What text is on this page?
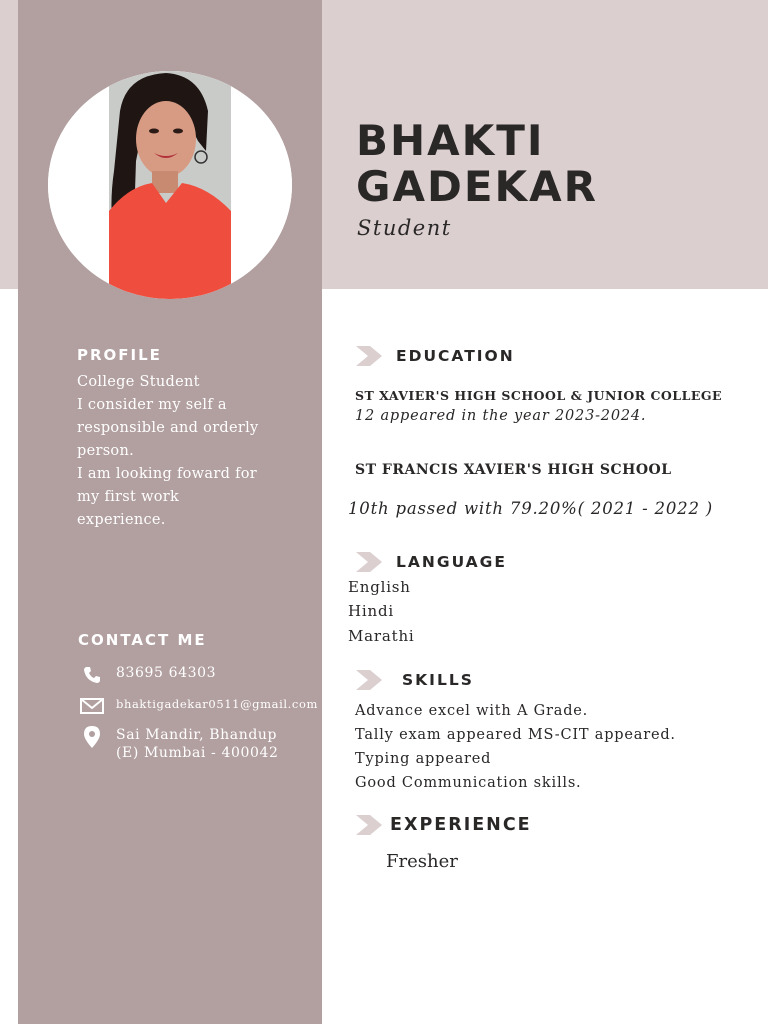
BHAKTI
GADEKAR
Student
PROFILE
College Student
I consider my self a
responsible and orderly
person.
I am looking foward for
my first work
experience.
CONTACT ME
83695 64303
bhaktigadekar0511@gmail.com
Sai Mandir, Bhandup
(E) Mumbai - 400042
EDUCATION
ST XAVIER'S HIGH SCHOOL & JUNIOR COLLEGE
12 appeared in the year 2023-2024.
ST FRANCIS XAVIER'S HIGH SCHOOL
10th passed with 79.20%( 2021 - 2022 )
LANGUAGE
English
Hindi
Marathi
SKILLS
Advance excel with A Grade.
Tally exam appeared MS-CIT appeared.
Typing appeared
Good Communication skills.
EXPERIENCE
Fresher
